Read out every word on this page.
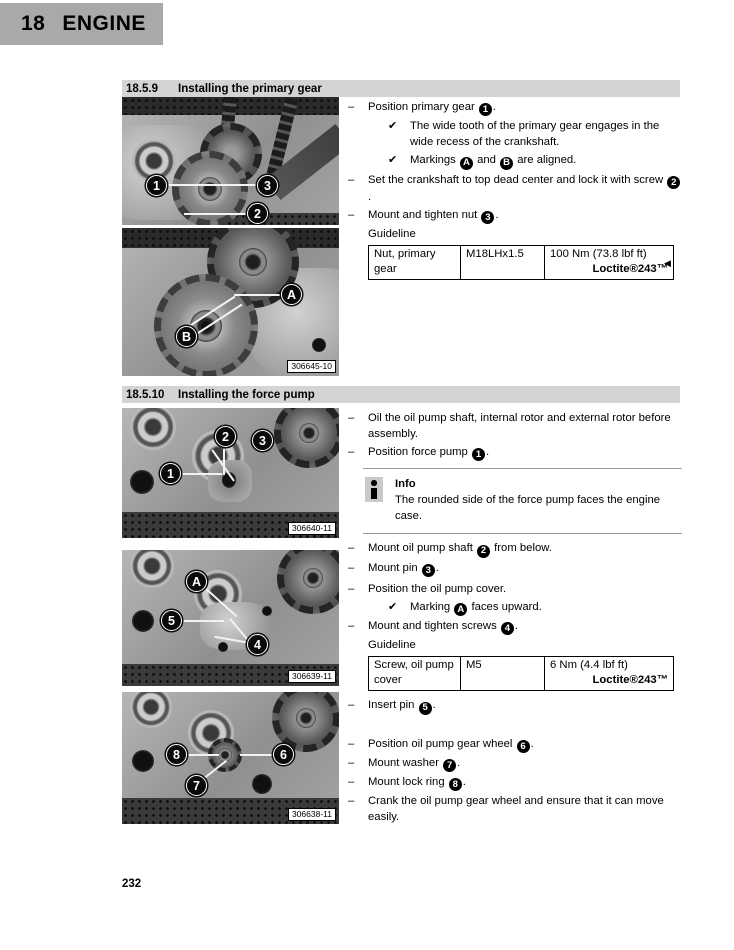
18 ENGINE
18.5.9	Installing the primary gear
1	3
2
A
B
306645-10
– Position primary gear 1 .
✔ The wide tooth of the primary gear engages in the wide recess of the crankshaft.
✔ Markings A and B are aligned.
– Set the crankshaft to top dead center and lock it with screw 2.
– Mount and tighten nut 3 .
Guideline
Nut, primary gear	M18LHx1.5	100 Nm (73.8 lbf ft)
Loctite®243™
◀
18.5.10	Installing the force pump
2	3
1
306640-11
A
5
4
306639-11
8	6
7
306638-11
– Oil the oil pump shaft, internal rotor and external rotor before assembly.
– Position force pump 1 .
Info
The rounded side of the force pump faces the engine case.
– Mount oil pump shaft 2 from below.
– Mount pin 3 .
– Position the oil pump cover.
✔ Marking A faces upward.
– Mount and tighten screws 4 .
Guideline
Screw, oil pump cover	M5	6 Nm (4.4 lbf ft)
Loctite®243™
– Insert pin 5 .
– Position oil pump gear wheel 6 .
– Mount washer 7 .
– Mount lock ring 8 .
– Crank the oil pump gear wheel and ensure that it can move easily.
232
